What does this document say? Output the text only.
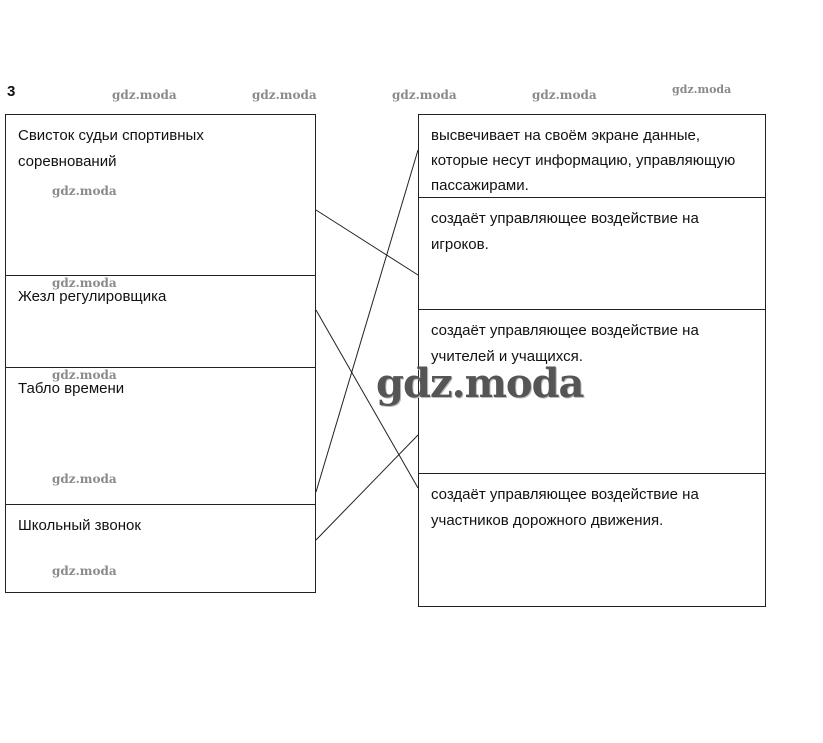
3	gdz.moda	gdz.moda	gdz.moda	gdz.moda	gdz.moda
Свисток судьи спортивных соревнований
Жезл регулировщика
Табло времени
Школьный звонок
высвечивает на своём экране данные, которые несут информацию, управляющую пассажирами.
создаёт управляющее воздействие на игроков.
создаёт управляющее воздействие на учителей и учащихся.
создаёт управляющее воздействие на участников дорожного движения.
gdz.moda
gdz.moda
gdz.moda
gdz.moda
gdz.moda
gdz.moda
